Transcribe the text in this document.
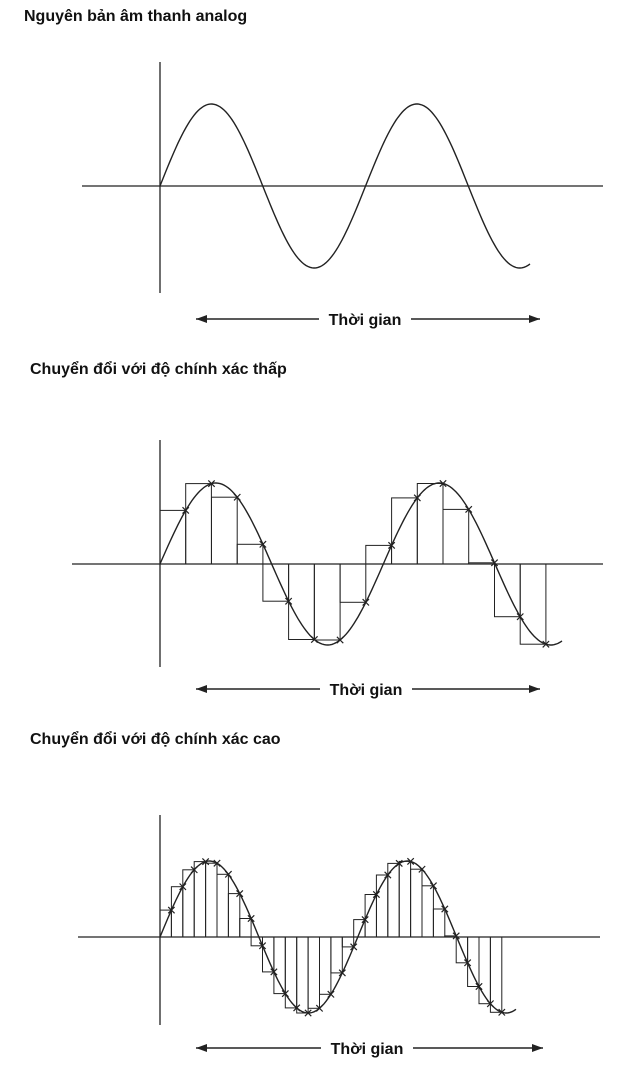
Nguyên bản âm thanh analog
Thời gian
Chuyển đổi với độ chính xác thấp
Thời gian
Chuyển đổi với độ chính xác cao
Thời gian
